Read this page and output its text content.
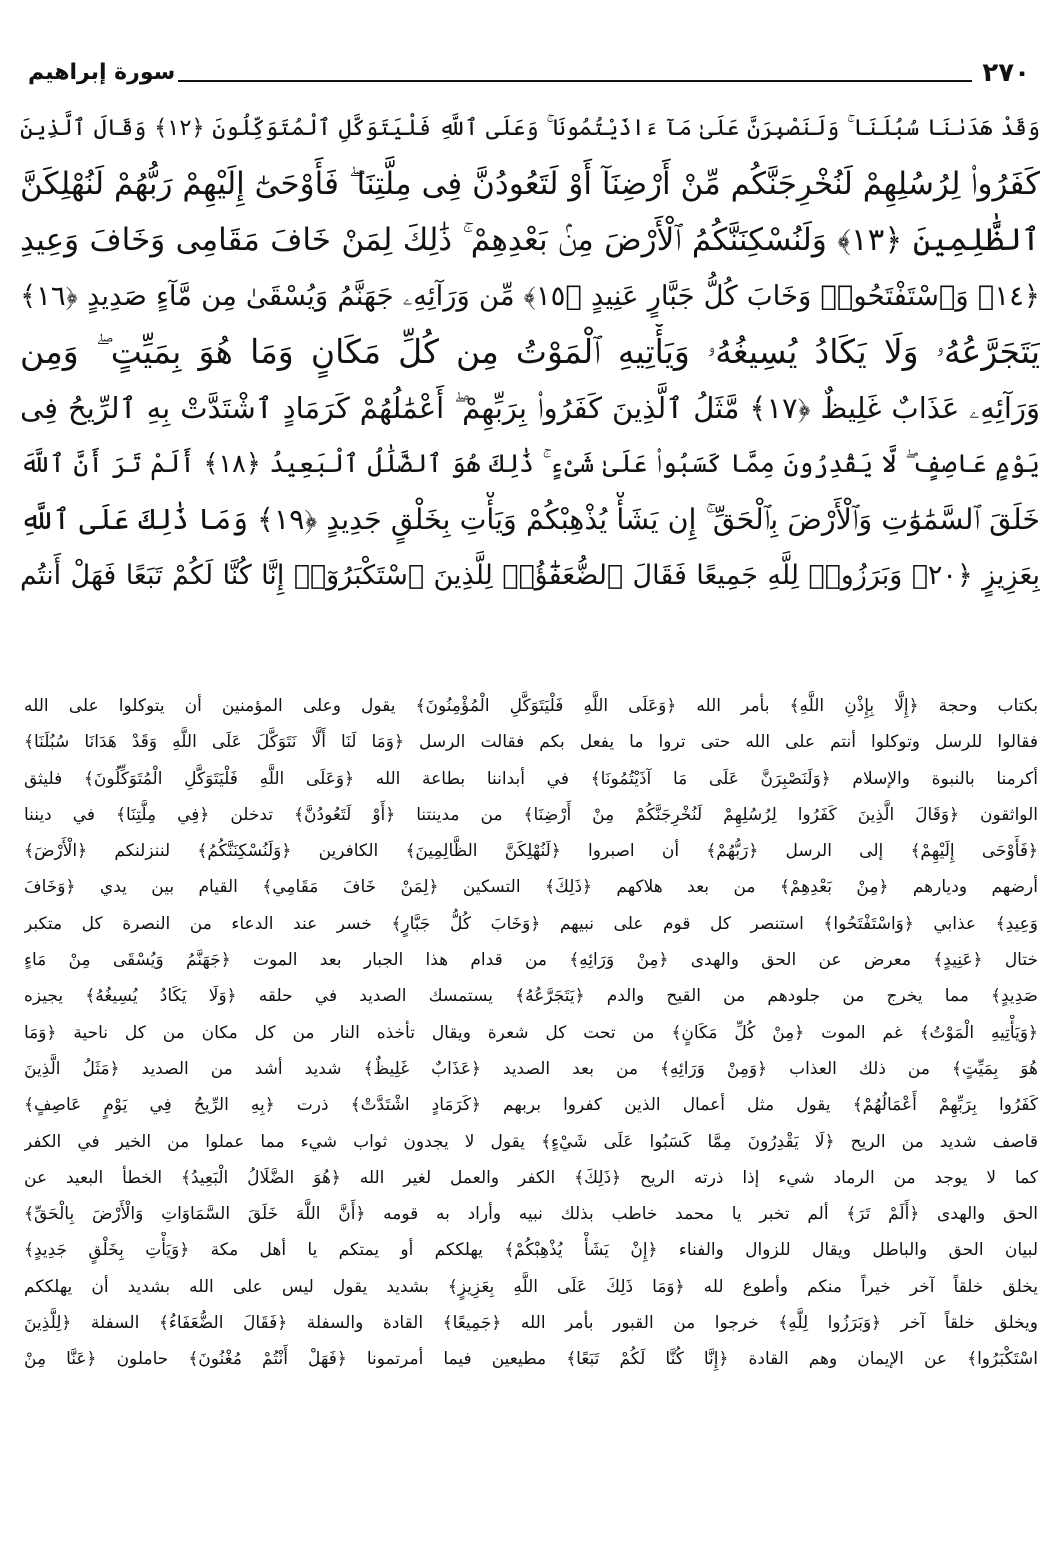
٢٧٠
سورة إبراهيم
وَقَدْ هَدَىٰنَا سُبُلَنَا ۚ وَلَنَصْبِرَنَّ عَلَىٰ مَآ ءَاذَيْتُمُونَا ۚ وَعَلَى ٱللَّهِ فَلْيَتَوَكَّلِ ٱلْمُتَوَكِّلُونَ ﴿١٢﴾ وَقَالَ ٱلَّذِينَ
كَفَرُوا۟ لِرُسُلِهِمْ لَنُخْرِجَنَّكُم مِّنْ أَرْضِنَآ أَوْ لَتَعُودُنَّ فِى مِلَّتِنَا ۖ فَأَوْحَىٰٓ إِلَيْهِمْ رَبُّهُمْ لَنُهْلِكَنَّ
ٱلظَّٰلِمِينَ ﴿١٣﴾ وَلَنُسْكِنَنَّكُمُ ٱلْأَرْضَ مِنۢ بَعْدِهِمْ ۚ ذَٰلِكَ لِمَنْ خَافَ مَقَامِى وَخَافَ وَعِيدِ
﴿١٤﴾ وَٱسْتَفْتَحُوا۟ وَخَابَ كُلُّ جَبَّارٍ عَنِيدٍ ﴿١٥﴾ مِّن وَرَآئِهِۦ جَهَنَّمُ وَيُسْقَىٰ مِن مَّآءٍ صَدِيدٍ ﴿١٦﴾
يَتَجَرَّعُهُۥ وَلَا يَكَادُ يُسِيغُهُۥ وَيَأْتِيهِ ٱلْمَوْتُ مِن كُلِّ مَكَانٍ وَمَا هُوَ بِمَيِّتٍ ۖ وَمِن
وَرَآئِهِۦ عَذَابٌ غَلِيظٌ ﴿١٧﴾ مَّثَلُ ٱلَّذِينَ كَفَرُوا۟ بِرَبِّهِمْ ۖ أَعْمَٰلُهُمْ كَرَمَادٍ ٱشْتَدَّتْ بِهِ ٱلرِّيحُ فِى
يَوْمٍ عَاصِفٍ ۖ لَّا يَقْدِرُونَ مِمَّا كَسَبُوا۟ عَلَىٰ شَىْءٍ ۚ ذَٰلِكَ هُوَ ٱلضَّلَٰلُ ٱلْبَعِيدُ ﴿١٨﴾ أَلَمْ تَرَ أَنَّ ٱللَّهَ
خَلَقَ ٱلسَّمَٰوَٰتِ وَٱلْأَرْضَ بِٱلْحَقِّ ۚ إِن يَشَأْ يُذْهِبْكُمْ وَيَأْتِ بِخَلْقٍ جَدِيدٍ ﴿١٩﴾ وَمَا ذَٰلِكَ عَلَى ٱللَّهِ
بِعَزِيزٍ ﴿٢٠﴾ وَبَرَزُوا۟ لِلَّهِ جَمِيعًا فَقَالَ ٱلضُّعَفَٰٓؤُا۟ لِلَّذِينَ ٱسْتَكْبَرُوٓا۟ إِنَّا كُنَّا لَكُمْ تَبَعًا فَهَلْ أَنتُم
بكتاب وحجة ﴿إِلَّا بِإِذْنِ اللَّهِ﴾ بأمر الله ﴿وَعَلَى اللَّهِ فَلْيَتَوَكَّلِ الْمُؤْمِنُونَ﴾ يقول وعلى المؤمنين أن يتوكلوا على الله
فقالوا للرسل وتوكلوا أنتم على الله حتى تروا ما يفعل بكم فقالت الرسل ﴿وَمَا لَنَا أَلَّا نَتَوَكَّلَ عَلَى اللَّهِ وَقَدْ هَدَانَا سُبُلَنَا﴾
أكرمنا بالنبوة والإسلام ﴿وَلَنَصْبِرَنَّ عَلَى مَا آذَيْتُمُونَا﴾ في أبداننا بطاعة الله ﴿وَعَلَى اللَّهِ فَلْيَتَوَكَّلِ الْمُتَوَكِّلُونَ﴾ فليثق
الواثقون ﴿وَقَالَ الَّذِينَ كَفَرُوا لِرُسُلِهِمْ لَنُخْرِجَنَّكُمْ مِنْ أَرْضِنَا﴾ من مدينتنا ﴿أَوْ لَتَعُودُنَّ﴾ تدخلن ﴿فِي مِلَّتِنَا﴾ في ديننا
﴿فَأَوْحَى إِلَيْهِمْ﴾ إلى الرسل ﴿رَبُّهُمْ﴾ أن اصبروا ﴿لَنُهْلِكَنَّ الظَّالِمِينَ﴾ الكافرين ﴿وَلَنُسْكِنَنَّكُمُ﴾ لننزلنكم ﴿الْأَرْضَ﴾
أرضهم وديارهم ﴿مِنْ بَعْدِهِمْ﴾ من بعد هلاكهم ﴿ذَلِكَ﴾ التسكين ﴿لِمَنْ خَافَ مَقَامِي﴾ القيام بين يدي ﴿وَخَافَ
وَعِيدِ﴾ عذابي ﴿وَاسْتَفْتَحُوا﴾ استنصر كل قوم على نبيهم ﴿وَخَابَ كُلُّ جَبَّارٍ﴾ خسر عند الدعاء من النصرة كل متكبر
ختال ﴿عَنِيدٍ﴾ معرض عن الحق والهدى ﴿مِنْ وَرَائِهِ﴾ من قدام هذا الجبار بعد الموت ﴿جَهَنَّمُ وَيُسْقَى مِنْ مَاءٍ
صَدِيدٍ﴾ مما يخرج من جلودهم من القيح والدم ﴿يَتَجَرَّعُهُ﴾ يستمسك الصديد في حلقه ﴿وَلَا يَكَادُ يُسِيغُهُ﴾ يجيزه
﴿وَيَأْتِيهِ الْمَوْتُ﴾ غم الموت ﴿مِنْ كُلِّ مَكَانٍ﴾ من تحت كل شعرة ويقال تأخذه النار من كل مكان من كل ناحية ﴿وَمَا
هُوَ بِمَيِّتٍ﴾ من ذلك العذاب ﴿وَمِنْ وَرَائِهِ﴾ من بعد الصديد ﴿عَذَابٌ غَلِيظٌ﴾ شديد أشد من الصديد ﴿مَثَلُ الَّذِينَ
كَفَرُوا بِرَبِّهِمْ أَعْمَالُهُمْ﴾ يقول مثل أعمال الذين كفروا بربهم ﴿كَرَمَادٍ اشْتَدَّتْ﴾ ذرت ﴿بِهِ الرِّيحُ فِي يَوْمٍ عَاصِفٍ﴾
قاصف شديد من الريح ﴿لَا يَقْدِرُونَ مِمَّا كَسَبُوا عَلَى شَيْءٍ﴾ يقول لا يجدون ثواب شيء مما عملوا من الخير في الكفر
كما لا يوجد من الرماد شيء إذا ذرته الريح ﴿ذَلِكَ﴾ الكفر والعمل لغير الله ﴿هُوَ الضَّلَالُ الْبَعِيدُ﴾ الخطأ البعيد عن
الحق والهدى ﴿أَلَمْ تَرَ﴾ ألم تخبر يا محمد خاطب بذلك نبيه وأراد به قومه ﴿أَنَّ اللَّهَ خَلَقَ السَّمَاوَاتِ وَالْأَرْضَ بِالْحَقِّ﴾
لبيان الحق والباطل ويقال للزوال والفناء ﴿إِنْ يَشَأْ يُذْهِبْكُمْ﴾ يهلككم أو يمتكم يا أهل مكة ﴿وَيَأْتِ بِخَلْقٍ جَدِيدٍ﴾
يخلق خلقاً آخر خيراً منكم وأطوع لله ﴿وَمَا ذَلِكَ عَلَى اللَّهِ بِعَزِيزٍ﴾ بشديد يقول ليس على الله بشديد أن يهلككم
ويخلق خلقاً آخر ﴿وَبَرَزُوا لِلَّهِ﴾ خرجوا من القبور بأمر الله ﴿جَمِيعًا﴾ القادة والسفلة ﴿فَقَالَ الضُّعَفَاءُ﴾ السفلة ﴿لِلَّذِينَ
اسْتَكْبَرُوا﴾ عن الإيمان وهم القادة ﴿إِنَّا كُنَّا لَكُمْ تَبَعًا﴾ مطيعين فيما أمرتمونا ﴿فَهَلْ أَنْتُمْ مُغْنُونَ﴾ حاملون ﴿عَنَّا مِنْ
